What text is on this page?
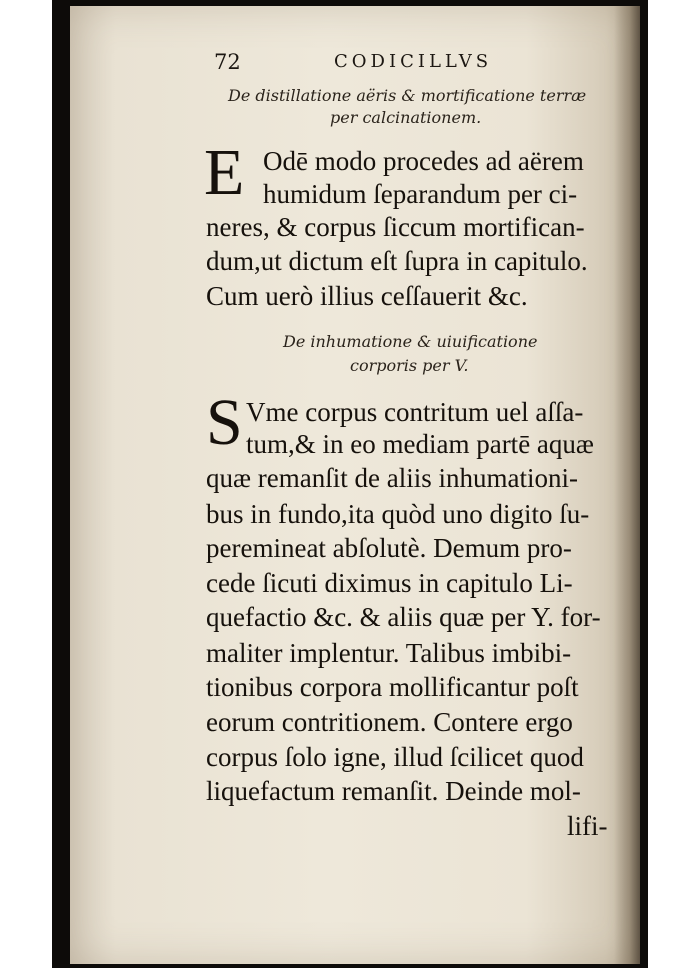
72	CODICILLVS
De distillatione aëris & mortificatione terræ
per calcinationem.
E Odē modo procedes ad aërem
humidum ſeparandum per ci-
neres, & corpus ſiccum mortifican-
dum,ut dictum eſt ſupra in capitulo.
Cum uerò illius ceſſauerit &c.
De inhumatione & uiuificatione
corporis per V.
S Vme corpus contritum uel aſſa-
tum,& in eo mediam partē aquæ
quæ remanſit de aliis inhumationi-
bus in fundo,ita quòd uno digito ſu-
pereminеat abſolutè. Demum pro-
cede ſicuti diximus in capitulo Li-
quefactio &c. & aliis quæ per Y. for-
maliter implentur. Talibus imbibi-
tionibus corpora mollificantur poſt
eorum contritionem. Contere ergo
corpus ſolo igne, illud ſcilicet quod
liquefactum remanſit. Deinde mol-
lifi-
